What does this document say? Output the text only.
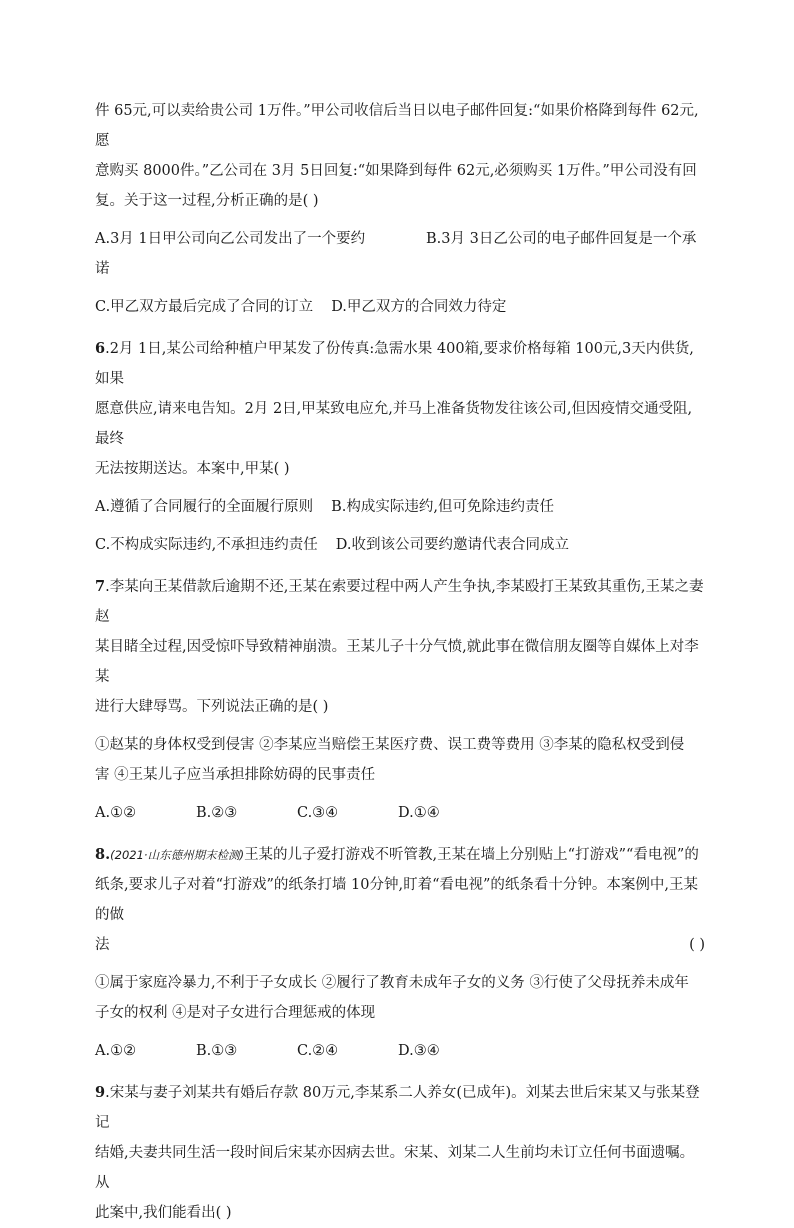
件 65元,可以卖给贵公司 1万件。”甲公司收信后当日以电子邮件回复:“如果价格降到每件 62元,愿
意购买 8000件。”乙公司在 3月 5日回复:“如果降到每件 62元,必须购买 1万件。”甲公司没有回
复。关于这一过程,分析正确的是( )

A.3月 1日甲公司向乙公司发出了一个要约	B.3月 3日乙公司的电子邮件回复是一个承
诺
C.甲乙双方最后完成了合同的订立 D.甲乙双方的合同效力待定

6.2月 1日,某公司给种植户甲某发了份传真:急需水果 400箱,要求价格每箱 100元,3天内供货,如果
愿意供应,请来电告知。2月 2日,甲某致电应允,并马上准备货物发往该公司,但因疫情交通受阻,最终
无法按期送达。本案中,甲某( )

A.遵循了合同履行的全面履行原则 B.构成实际违约,但可免除违约责任
C.不构成实际违约,不承担违约责任 D.收到该公司要约邀请代表合同成立

7.李某向王某借款后逾期不还,王某在索要过程中两人产生争执,李某殴打王某致其重伤,王某之妻赵
某目睹全过程,因受惊吓导致精神崩溃。王某儿子十分气愤,就此事在微信朋友圈等自媒体上对李某
进行大肆辱骂。下列说法正确的是( )

①赵某的身体权受到侵害 ②李某应当赔偿王某医疗费、误工费等费用 ③李某的隐私权受到侵
害 ④王某儿子应当承担排除妨碍的民事责任

A.①②	B.②③	C.③④	D.①④

8.(2021·山东德州期末检测)王某的儿子爱打游戏不听管教,王某在墙上分别贴上“打游戏”“看电视”的
纸条,要求儿子对着“打游戏”的纸条打墙 10分钟,盯着“看电视”的纸条看十分钟。本案例中,王某的做
法	( )

①属于家庭冷暴力,不利于子女成长 ②履行了教育未成年子女的义务 ③行使了父母抚养未成年
子女的权利 ④是对子女进行合理惩戒的体现

A.①②	B.①③	C.②④	D.③④

9.宋某与妻子刘某共有婚后存款 80万元,李某系二人养女(已成年)。刘某去世后宋某又与张某登记
结婚,夫妻共同生活一段时间后宋某亦因病去世。宋某、刘某二人生前均未订立任何书面遗嘱。从
此案中,我们能看出( )
